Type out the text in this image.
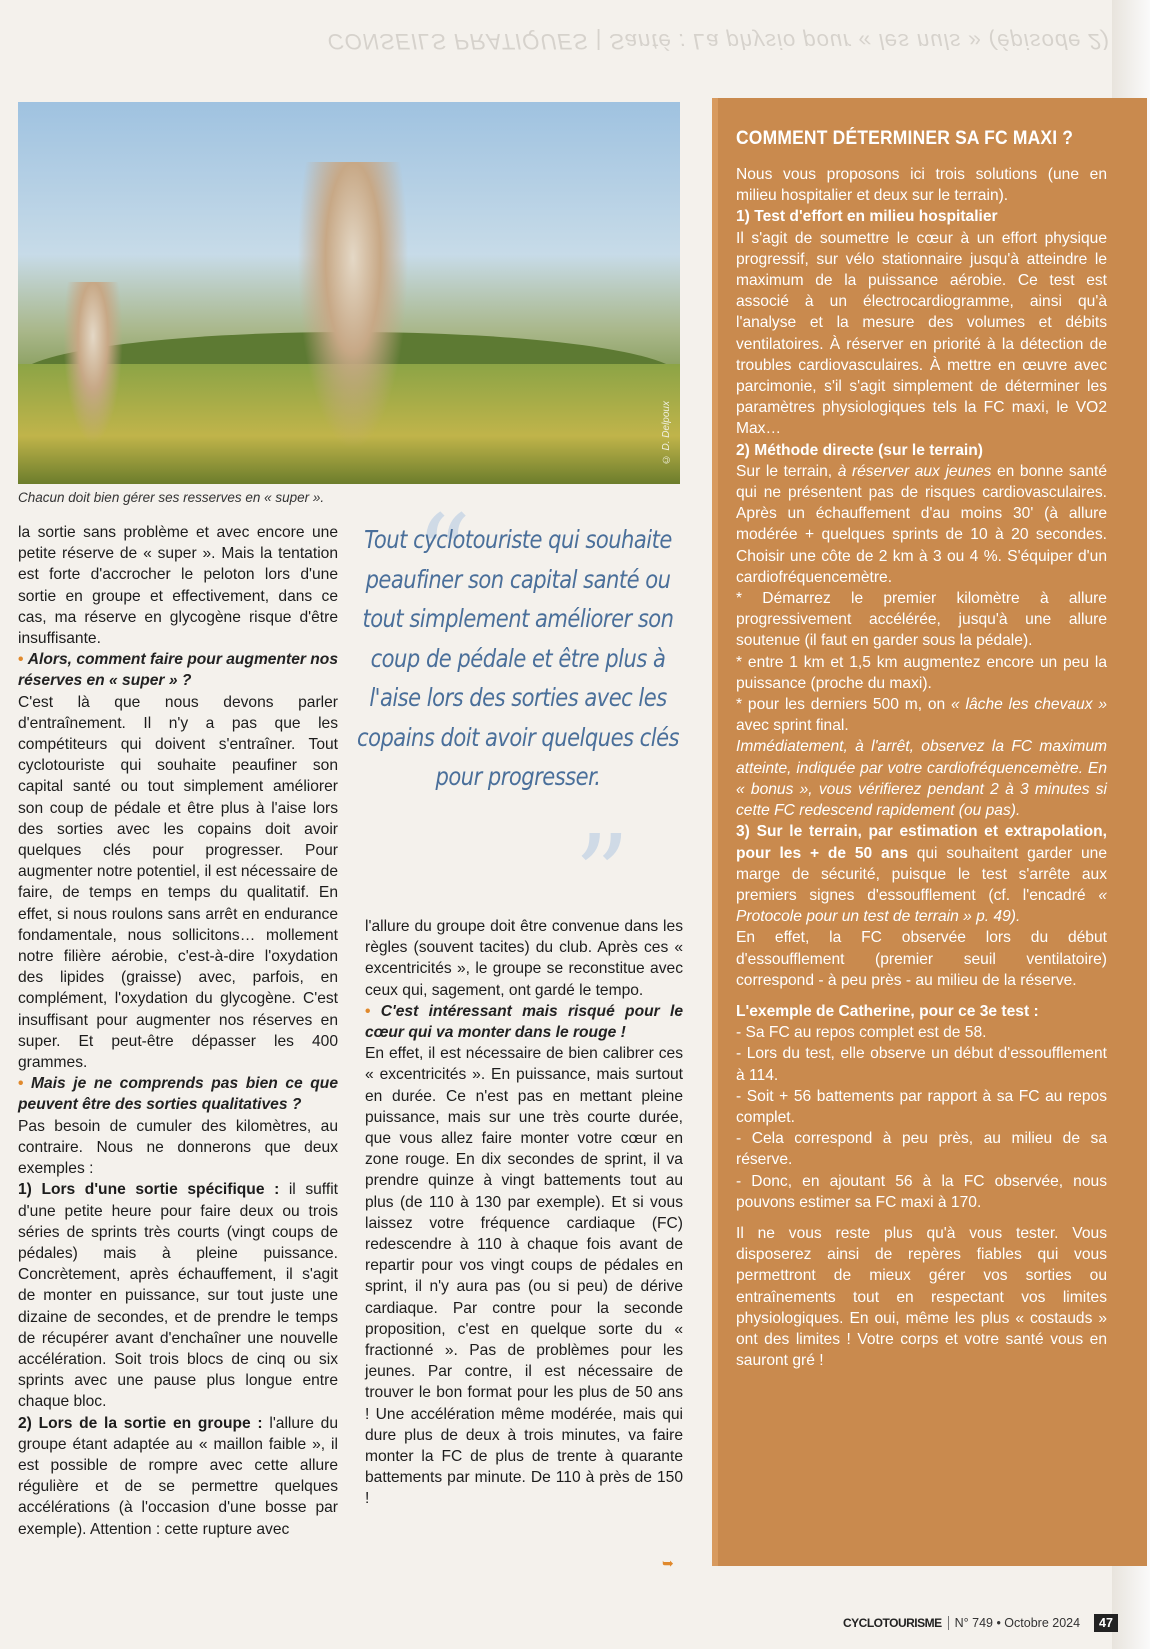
CONSEILS PRATIQUES | Santé : La physio pour « les nuls » (épisode 2)
© D. Delpoux
Chacun doit bien gérer ses resserves en « super ».

la sortie sans problème et avec encore une petite réserve de « super ». Mais la tentation est forte d'accrocher le peloton lors d'une sortie en groupe et effectivement, dans ce cas, ma réserve en glycogène risque d'être insuffisante.

• Alors, comment faire pour augmenter nos réserves en « super » ?

C'est là que nous devons parler d'entraînement. Il n'y a pas que les compétiteurs qui doivent s'entraîner. Tout cyclotouriste qui souhaite peaufiner son capital santé ou tout simplement améliorer son coup de pédale et être plus à l'aise lors des sorties avec les copains doit avoir quelques clés pour progresser. Pour augmenter notre potentiel, il est nécessaire de faire, de temps en temps du qualitatif. En effet, si nous roulons sans arrêt en endurance fondamentale, nous sollicitons… mollement notre filière aérobie, c'est-à-dire l'oxydation des lipides (graisse) avec, parfois, en complément, l'oxydation du glycogène. C'est insuffisant pour augmenter nos réserves en super. Et peut-être dépasser les 400 grammes.

• Mais je ne comprends pas bien ce que peuvent être des sorties qualitatives ?

Pas besoin de cumuler des kilomètres, au contraire. Nous ne donnerons que deux exemples :

1) Lors d'une sortie spécifique : il suffit d'une petite heure pour faire deux ou trois séries de sprints très courts (vingt coups de pédales) mais à pleine puissance. Concrètement, après échauffement, il s'agit de monter en puissance, sur tout juste une dizaine de secondes, et de prendre le temps de récupérer avant d'enchaîner une nouvelle accélération. Soit trois blocs de cinq ou six sprints avec une pause plus longue entre chaque bloc.

2) Lors de la sortie en groupe : l'allure du groupe étant adaptée au « maillon faible », il est possible de rompre avec cette allure régulière et de se permettre quelques accélérations (à l'occasion d'une bosse par exemple). Attention : cette rupture avec

“
Tout cyclotouriste qui souhaite peaufiner son capital santé ou tout simplement améliorer son coup de pédale et être plus à l'aise lors des sorties avec les copains doit avoir quelques clés pour progresser.
”

l'allure du groupe doit être convenue dans les règles (souvent tacites) du club. Après ces « excentricités », le groupe se reconstitue avec ceux qui, sagement, ont gardé le tempo.

• C'est intéressant mais risqué pour le cœur qui va monter dans le rouge !

En effet, il est nécessaire de bien calibrer ces « excentricités ». En puissance, mais surtout en durée. Ce n'est pas en mettant pleine puissance, mais sur une très courte durée, que vous allez faire monter votre cœur en zone rouge. En dix secondes de sprint, il va prendre quinze à vingt battements tout au plus (de 110 à 130 par exemple). Et si vous laissez votre fréquence cardiaque (FC) redescendre à 110 à chaque fois avant de repartir pour vos vingt coups de pédales en sprint, il n'y aura pas (ou si peu) de dérive cardiaque. Par contre pour la seconde proposition, c'est en quelque sorte du « fractionné ». Pas de problèmes pour les jeunes. Par contre, il est nécessaire de trouver le bon format pour les plus de 50 ans ! Une accélération même modérée, mais qui dure plus de deux à trois minutes, va faire monter la FC de plus de trente à quarante battements par minute. De 110 à près de 150 !

➥
COMMENT DÉTERMINER SA FC MAXI ?

Nous vous proposons ici trois solutions (une en milieu hospitalier et deux sur le terrain).

1) Test d'effort en milieu hospitalier

Il s'agit de soumettre le cœur à un effort physique progressif, sur vélo stationnaire jusqu'à atteindre le maximum de la puissance aérobie. Ce test est associé à un électrocardiogramme, ainsi qu'à l'analyse et la mesure des volumes et débits ventilatoires. À réserver en priorité à la détection de troubles cardiovasculaires. À mettre en œuvre avec parcimonie, s'il s'agit simplement de déterminer les paramètres physiologiques tels la FC maxi, le VO2 Max…

2) Méthode directe (sur le terrain)

Sur le terrain, à réserver aux jeunes en bonne santé qui ne présentent pas de risques cardiovasculaires. Après un échauffement d'au moins 30' (à allure modérée + quelques sprints de 10 à 20 secondes. Choisir une côte de 2 km à 3 ou 4 %. S'équiper d'un cardiofréquencemètre.

* Démarrez le premier kilomètre à allure progressivement accélérée, jusqu'à une allure soutenue (il faut en garder sous la pédale).

* entre 1 km et 1,5 km augmentez encore un peu la puissance (proche du maxi).

* pour les derniers 500 m, on « lâche les chevaux » avec sprint final.

Immédiatement, à l'arrêt, observez la FC maximum atteinte, indiquée par votre cardiofréquencemètre. En « bonus », vous vérifierez pendant 2 à 3 minutes si cette FC redescend rapidement (ou pas).

3) Sur le terrain, par estimation et extrapolation, pour les + de 50 ans qui souhaitent garder une marge de sécurité, puisque le test s'arrête aux premiers signes d'essoufflement (cf. l'encadré « Protocole pour un test de terrain » p. 49).

En effet, la FC observée lors du début d'essoufflement (premier seuil ventilatoire) correspond - à peu près - au milieu de la réserve.

L'exemple de Catherine, pour ce 3e test :

- Sa FC au repos complet est de 58.

- Lors du test, elle observe un début d'essoufflement à 114.

- Soit + 56 battements par rapport à sa FC au repos complet.

- Cela correspond à peu près, au milieu de sa réserve.

- Donc, en ajoutant 56 à la FC observée, nous pouvons estimer sa FC maxi à 170.

Il ne vous reste plus qu'à vous tester. Vous disposerez ainsi de repères fiables qui vous permettront de mieux gérer vos sorties ou entraînements tout en respectant vos limites physiologiques. En oui, même les plus « costauds » ont des limites ! Votre corps et votre santé vous en sauront gré !

CYCLOTOURISME N° 749 • Octobre 2024	47
